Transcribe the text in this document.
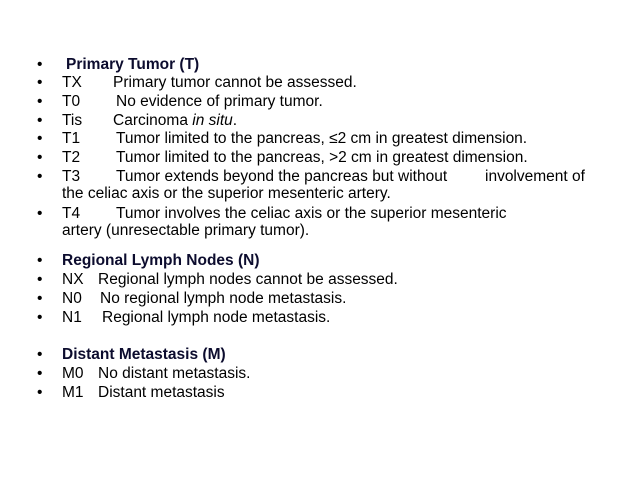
• Primary Tumor (T)
• TX Primary tumor cannot be assessed.
• T0 No evidence of primary tumor.
• Tis Carcinoma in situ.
• T1 Tumor limited to the pancreas, ≤2 cm in greatest dimension.
• T2 Tumor limited to the pancreas, >2 cm in greatest dimension.
• T3 Tumor extends beyond the pancreas but without involvement of
the celiac axis or the superior mesenteric artery.
• T4 Tumor involves the celiac axis or the superior mesenteric
artery (unresectable primary tumor).
• Regional Lymph Nodes (N)
• NX Regional lymph nodes cannot be assessed.
• N0 No regional lymph node metastasis.
• N1 Regional lymph node metastasis.
• Distant Metastasis (M)
• M0 No distant metastasis.
• M1 Distant metastasis
